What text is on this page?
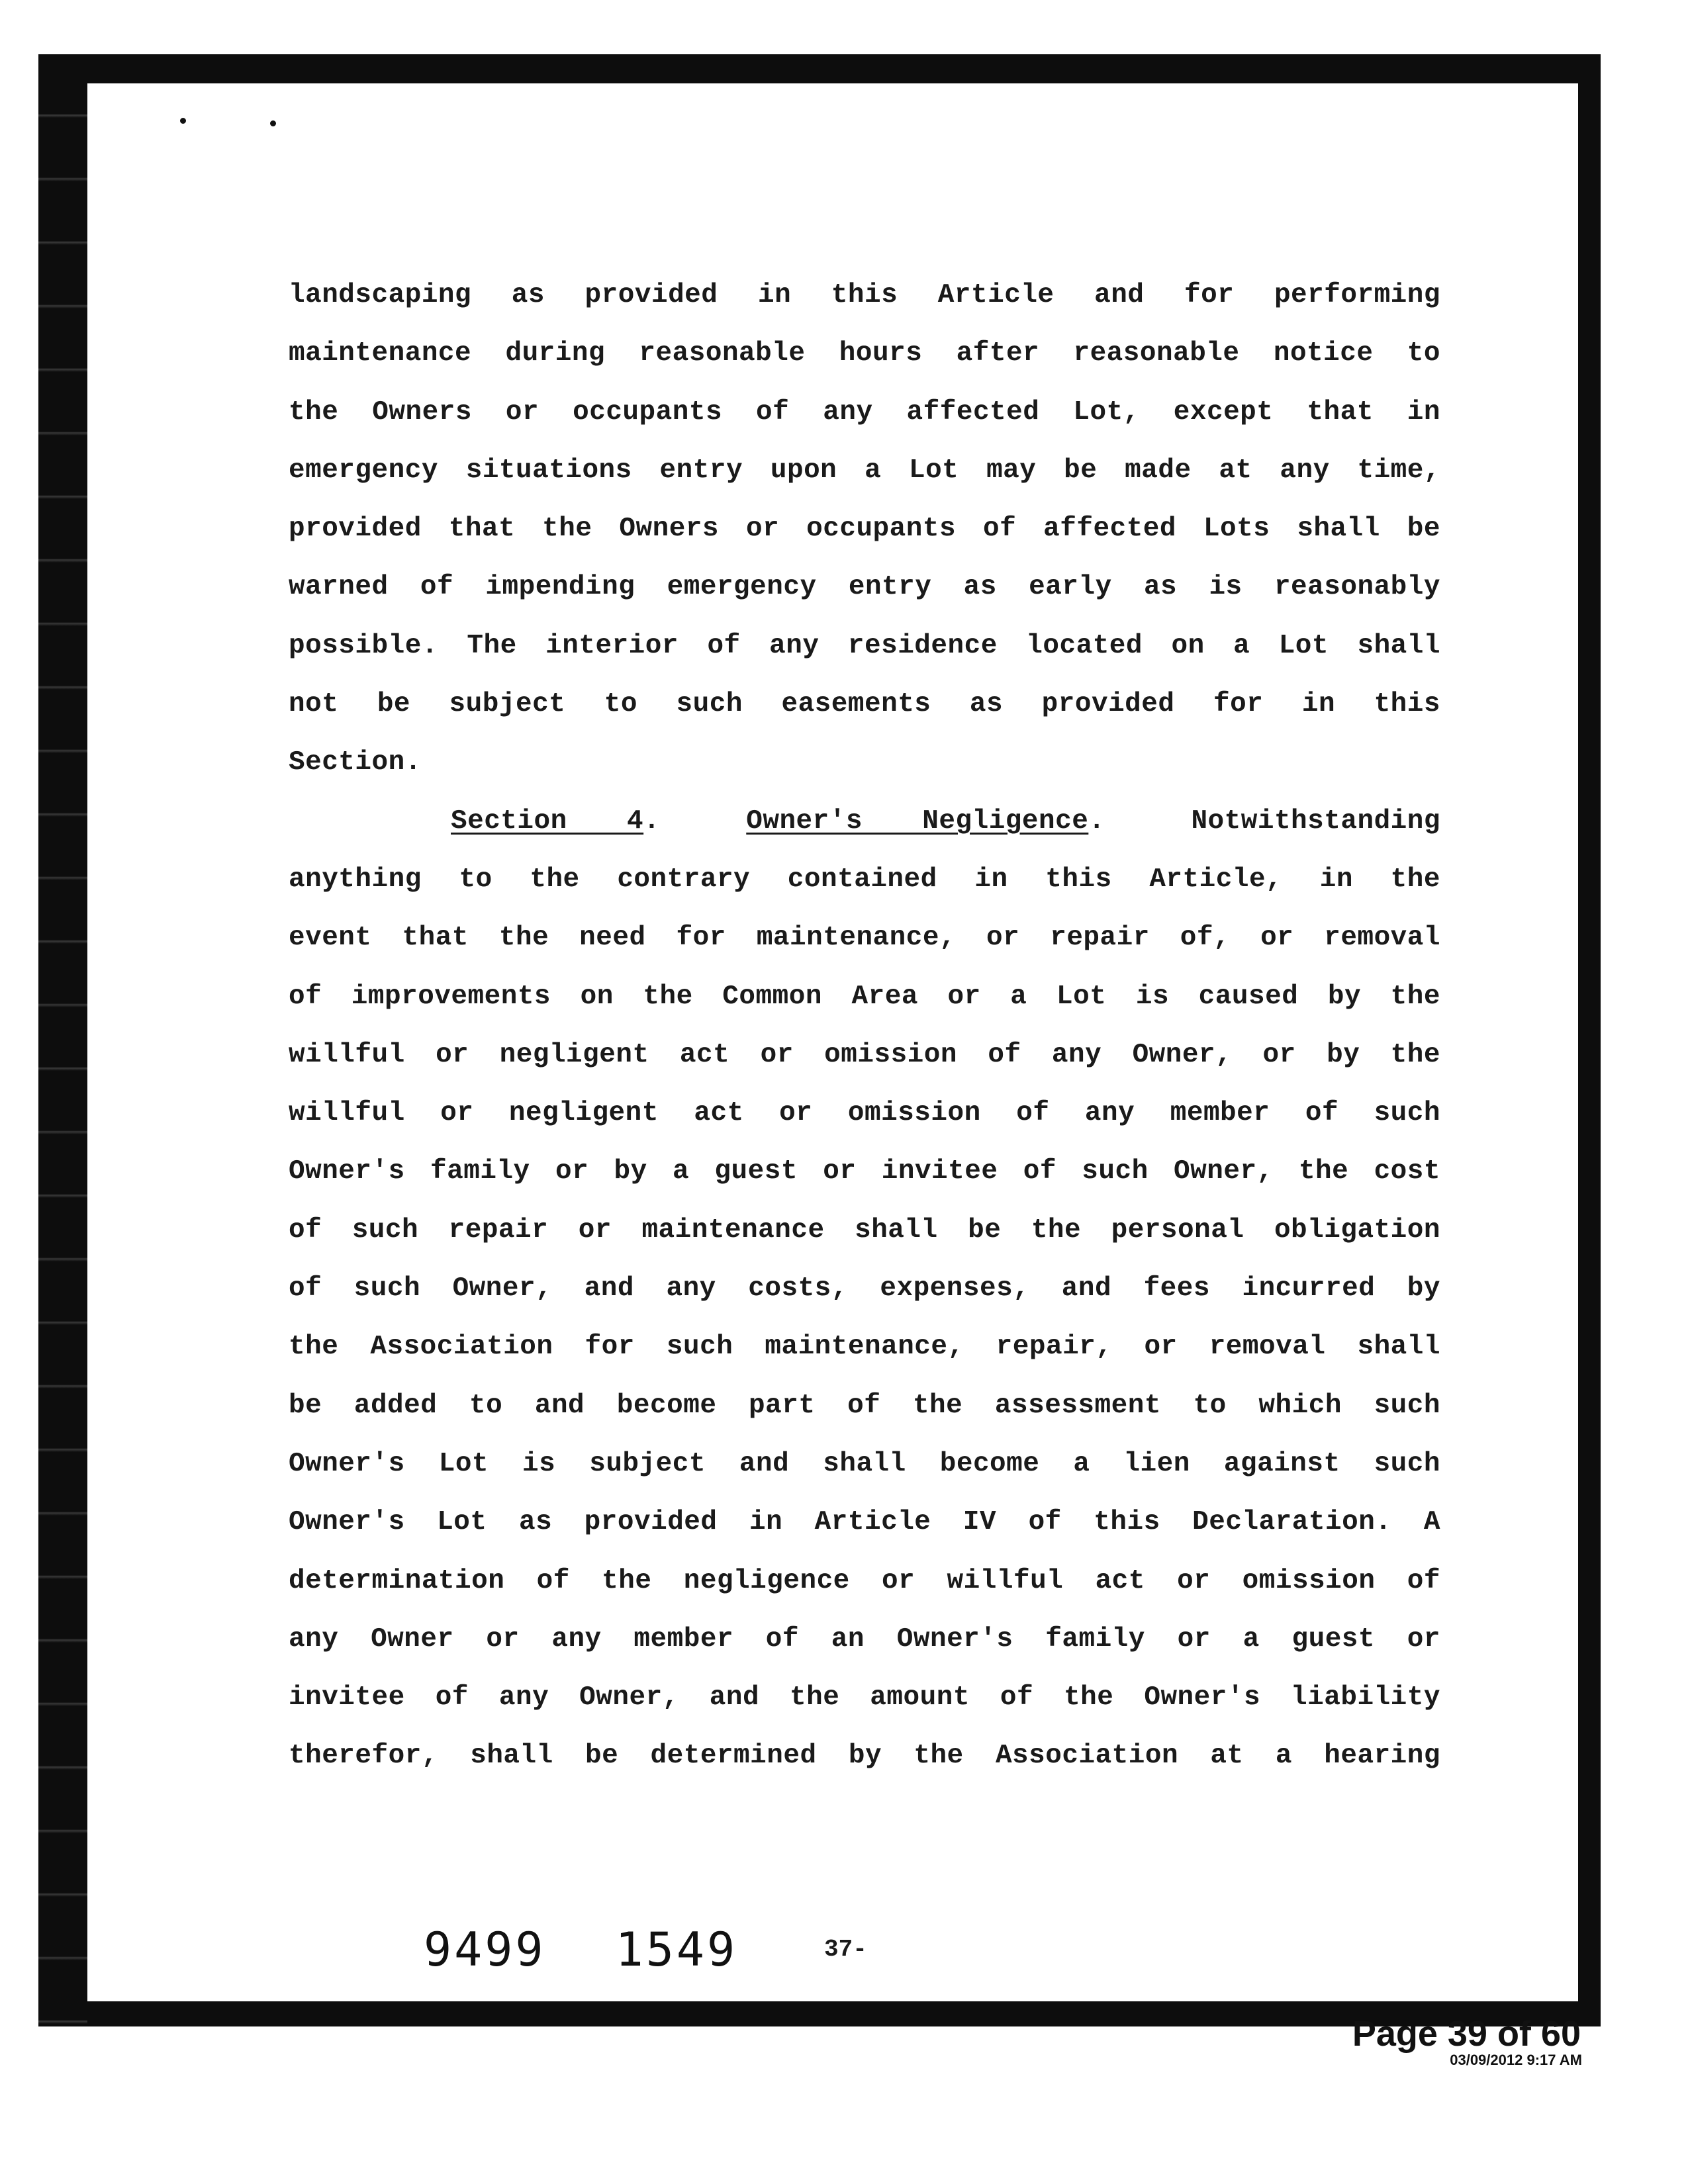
landscaping as provided in this Article and for performing
maintenance during reasonable hours after reasonable notice to
the Owners or occupants of any affected Lot, except that in
emergency situations entry upon a Lot may be made at any time,
provided that the Owners or occupants of affected Lots shall be
warned of impending emergency entry as early as is reasonably
possible. The interior of any residence located on a Lot shall
not be subject to such easements as provided for in this
Section.
Section 4.	Owner's Negligence.	Notwithstanding
anything to the contrary contained in this Article, in the
event that the need for maintenance, or repair of, or removal
of improvements on the Common Area or a Lot is caused by the
willful or negligent act or omission of any Owner, or by the
willful or negligent act or omission of any member of such
Owner's family or by a guest or invitee of such Owner, the cost
of such repair or maintenance shall be the personal obligation
of such Owner, and any costs, expenses, and fees incurred by
the Association for such maintenance, repair, or removal shall
be added to and become part of the assessment to which such
Owner's Lot is subject and shall become a lien against such
Owner's Lot as provided in Article IV of this Declaration. A
determination of the negligence or willful act or omission of
any Owner or any member of an Owner's family or a guest or
invitee of any Owner, and the amount of the Owner's liability
therefor, shall be determined by the Association at a hearing
9499 1549	37-
Page 39 of 60
03/09/2012 9:17 AM
